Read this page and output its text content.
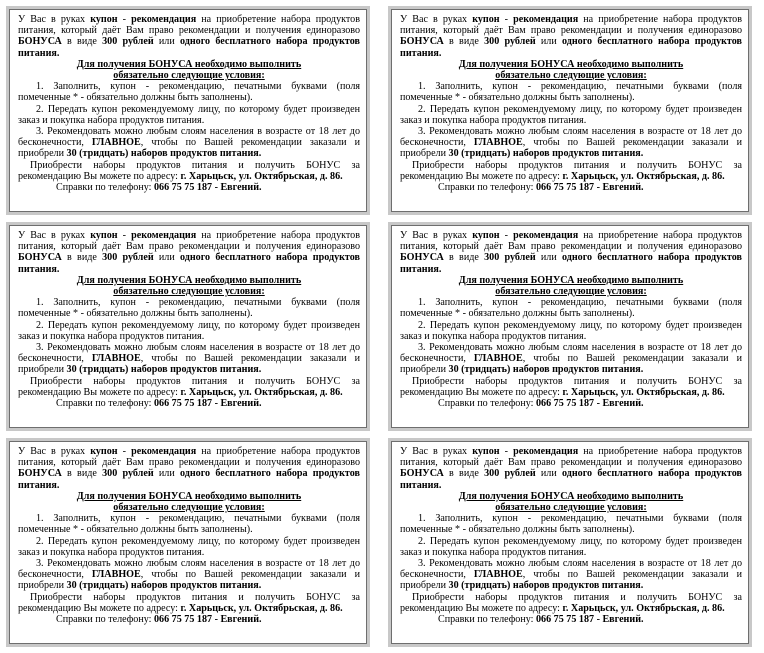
У Вас в руках купон - рекомендация на приобретение набора продуктов питания, который даёт Вам право рекомендации и получения единоразово БОНУСА в виде 300 рублей или одного бесплатного набора продуктов питания.

Для получения БОНУСА необходимо выполнить

обязательно следующие условия:

1. Заполнить, купон - рекомендацию, печатными буквами (поля помеченные * - обязательно должны быть заполнены).

2. Передать купон рекомендуемому лицу, по которому будет произведен заказ и покупка набора продуктов питания.

3. Рекомендовать можно любым слоям населения в возрасте от 18 лет до бесконечности, ГЛАВНОЕ, чтобы по Вашей рекомендации заказали и приобрели 30 (тридцать) наборов продуктов питания.

Приобрести наборы продуктов питания и получить БОНУС за рекомендацию Вы можете по адресу: г. Харьцьск, ул. Октябрьская, д. 86.

Справки по телефону: 066 75 75 187 - Евгений.

У Вас в руках купон - рекомендация на приобретение набора продуктов питания, который даёт Вам право рекомендации и получения единоразово БОНУСА в виде 300 рублей или одного бесплатного набора продуктов питания.

Для получения БОНУСА необходимо выполнить

обязательно следующие условия:

1. Заполнить, купон - рекомендацию, печатными буквами (поля помеченные * - обязательно должны быть заполнены).

2. Передать купон рекомендуемому лицу, по которому будет произведен заказ и покупка набора продуктов питания.

3. Рекомендовать можно любым слоям населения в возрасте от 18 лет до бесконечности, ГЛАВНОЕ, чтобы по Вашей рекомендации заказали и приобрели 30 (тридцать) наборов продуктов питания.

Приобрести наборы продуктов питания и получить БОНУС за рекомендацию Вы можете по адресу: г. Харьцьск, ул. Октябрьская, д. 86.

Справки по телефону: 066 75 75 187 - Евгений.

У Вас в руках купон - рекомендация на приобретение набора продуктов питания, который даёт Вам право рекомендации и получения единоразово БОНУСА в виде 300 рублей или одного бесплатного набора продуктов питания.

Для получения БОНУСА необходимо выполнить

обязательно следующие условия:

1. Заполнить, купон - рекомендацию, печатными буквами (поля помеченные * - обязательно должны быть заполнены).

2. Передать купон рекомендуемому лицу, по которому будет произведен заказ и покупка набора продуктов питания.

3. Рекомендовать можно любым слоям населения в возрасте от 18 лет до бесконечности, ГЛАВНОЕ, чтобы по Вашей рекомендации заказали и приобрели 30 (тридцать) наборов продуктов питания.

Приобрести наборы продуктов питания и получить БОНУС за рекомендацию Вы можете по адресу: г. Харьцьск, ул. Октябрьская, д. 86.

Справки по телефону: 066 75 75 187 - Евгений.

У Вас в руках купон - рекомендация на приобретение набора продуктов питания, который даёт Вам право рекомендации и получения единоразово БОНУСА в виде 300 рублей или одного бесплатного набора продуктов питания.

Для получения БОНУСА необходимо выполнить

обязательно следующие условия:

1. Заполнить, купон - рекомендацию, печатными буквами (поля помеченные * - обязательно должны быть заполнены).

2. Передать купон рекомендуемому лицу, по которому будет произведен заказ и покупка набора продуктов питания.

3. Рекомендовать можно любым слоям населения в возрасте от 18 лет до бесконечности, ГЛАВНОЕ, чтобы по Вашей рекомендации заказали и приобрели 30 (тридцать) наборов продуктов питания.

Приобрести наборы продуктов питания и получить БОНУС за рекомендацию Вы можете по адресу: г. Харьцьск, ул. Октябрьская, д. 86.

Справки по телефону: 066 75 75 187 - Евгений.

У Вас в руках купон - рекомендация на приобретение набора продуктов питания, который даёт Вам право рекомендации и получения единоразово БОНУСА в виде 300 рублей или одного бесплатного набора продуктов питания.

Для получения БОНУСА необходимо выполнить

обязательно следующие условия:

1. Заполнить, купон - рекомендацию, печатными буквами (поля помеченные * - обязательно должны быть заполнены).

2. Передать купон рекомендуемому лицу, по которому будет произведен заказ и покупка набора продуктов питания.

3. Рекомендовать можно любым слоям населения в возрасте от 18 лет до бесконечности, ГЛАВНОЕ, чтобы по Вашей рекомендации заказали и приобрели 30 (тридцать) наборов продуктов питания.

Приобрести наборы продуктов питания и получить БОНУС за рекомендацию Вы можете по адресу: г. Харьцьск, ул. Октябрьская, д. 86.

Справки по телефону: 066 75 75 187 - Евгений.

У Вас в руках купон - рекомендация на приобретение набора продуктов питания, который даёт Вам право рекомендации и получения единоразово БОНУСА в виде 300 рублей или одного бесплатного набора продуктов питания.

Для получения БОНУСА необходимо выполнить

обязательно следующие условия:

1. Заполнить, купон - рекомендацию, печатными буквами (поля помеченные * - обязательно должны быть заполнены).

2. Передать купон рекомендуемому лицу, по которому будет произведен заказ и покупка набора продуктов питания.

3. Рекомендовать можно любым слоям населения в возрасте от 18 лет до бесконечности, ГЛАВНОЕ, чтобы по Вашей рекомендации заказали и приобрели 30 (тридцать) наборов продуктов питания.

Приобрести наборы продуктов питания и получить БОНУС за рекомендацию Вы можете по адресу: г. Харьцьск, ул. Октябрьская, д. 86.

Справки по телефону: 066 75 75 187 - Евгений.
